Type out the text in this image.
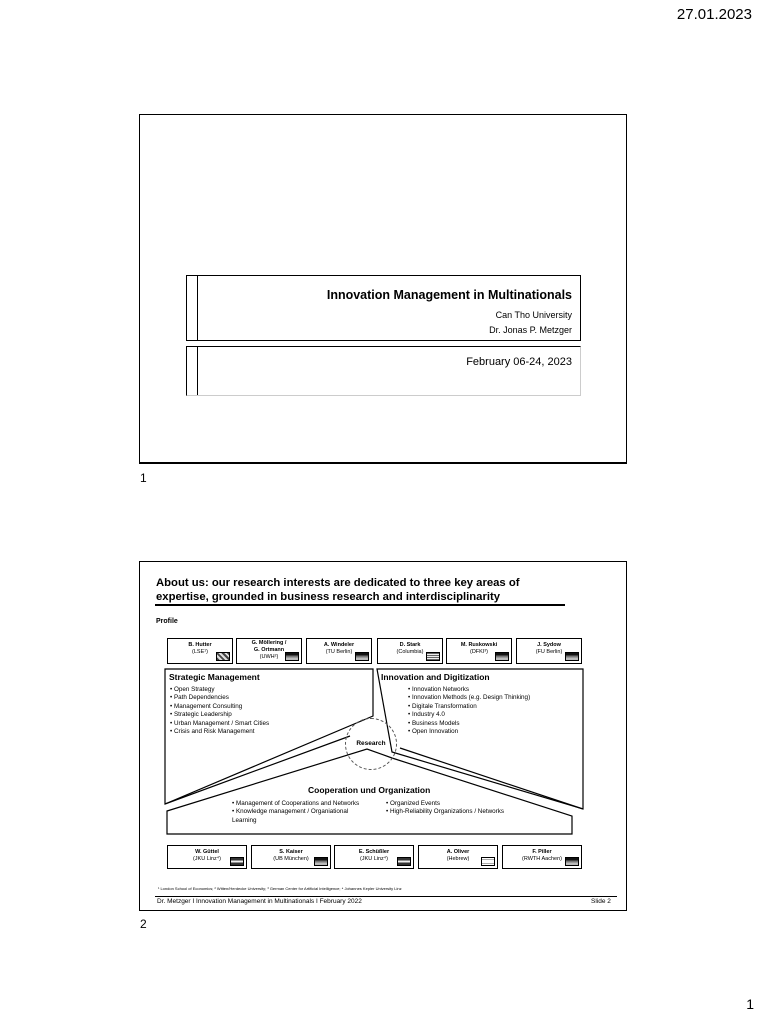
27.01.2023
1
Innovation Management in Multinationals
Can Tho University
Dr. Jonas P. Metzger
February 06-24, 2023
1
About us: our research interests are dedicated to three key areas of
expertise, grounded in business research and interdisciplinarity
Profile
B. Hutter
(LSE¹)
G. Möllering /
G. Ortmann
(UWH²)
A. Windeler
(TU Berlin)
D. Stark
(Columbia)
M. Ruskowski
(DFKI³)
J. Sydow
(FU Berlin)
Strategic Management
• Open Strategy
• Path Dependencies
• Management Consulting
• Strategic Leadership
• Urban Management / Smart Cities
• Crisis and Risk Management
Innovation and Digitization
• Innovation Networks
• Innovation Methods (e.g. Design Thinking)
• Digitale Transformation
• Industry 4.0
• Business Models
• Open Innovation
Research
Cooperation und Organization
• Management of Cooperations and Networks
• Knowledge management / Organiational Learning
• Organized Events
• High-Reliability Organizations / Networks
W. Güttel
(JKU Linz⁴)
S. Kaiser
(UB München)
E. Schüßler
(JKU Linz⁴)
A. Oliver
(Hebrew)
F. Piller
(RWTH Aachen)
¹ London School of Economics; ² Witten/Herdecke University; ³ German Center for Artificial Intelligence; ⁴ Johannes Kepler University Linz
Dr. Metzger I Innovation Management in Multinationals I February 2022	Slide 2
2
